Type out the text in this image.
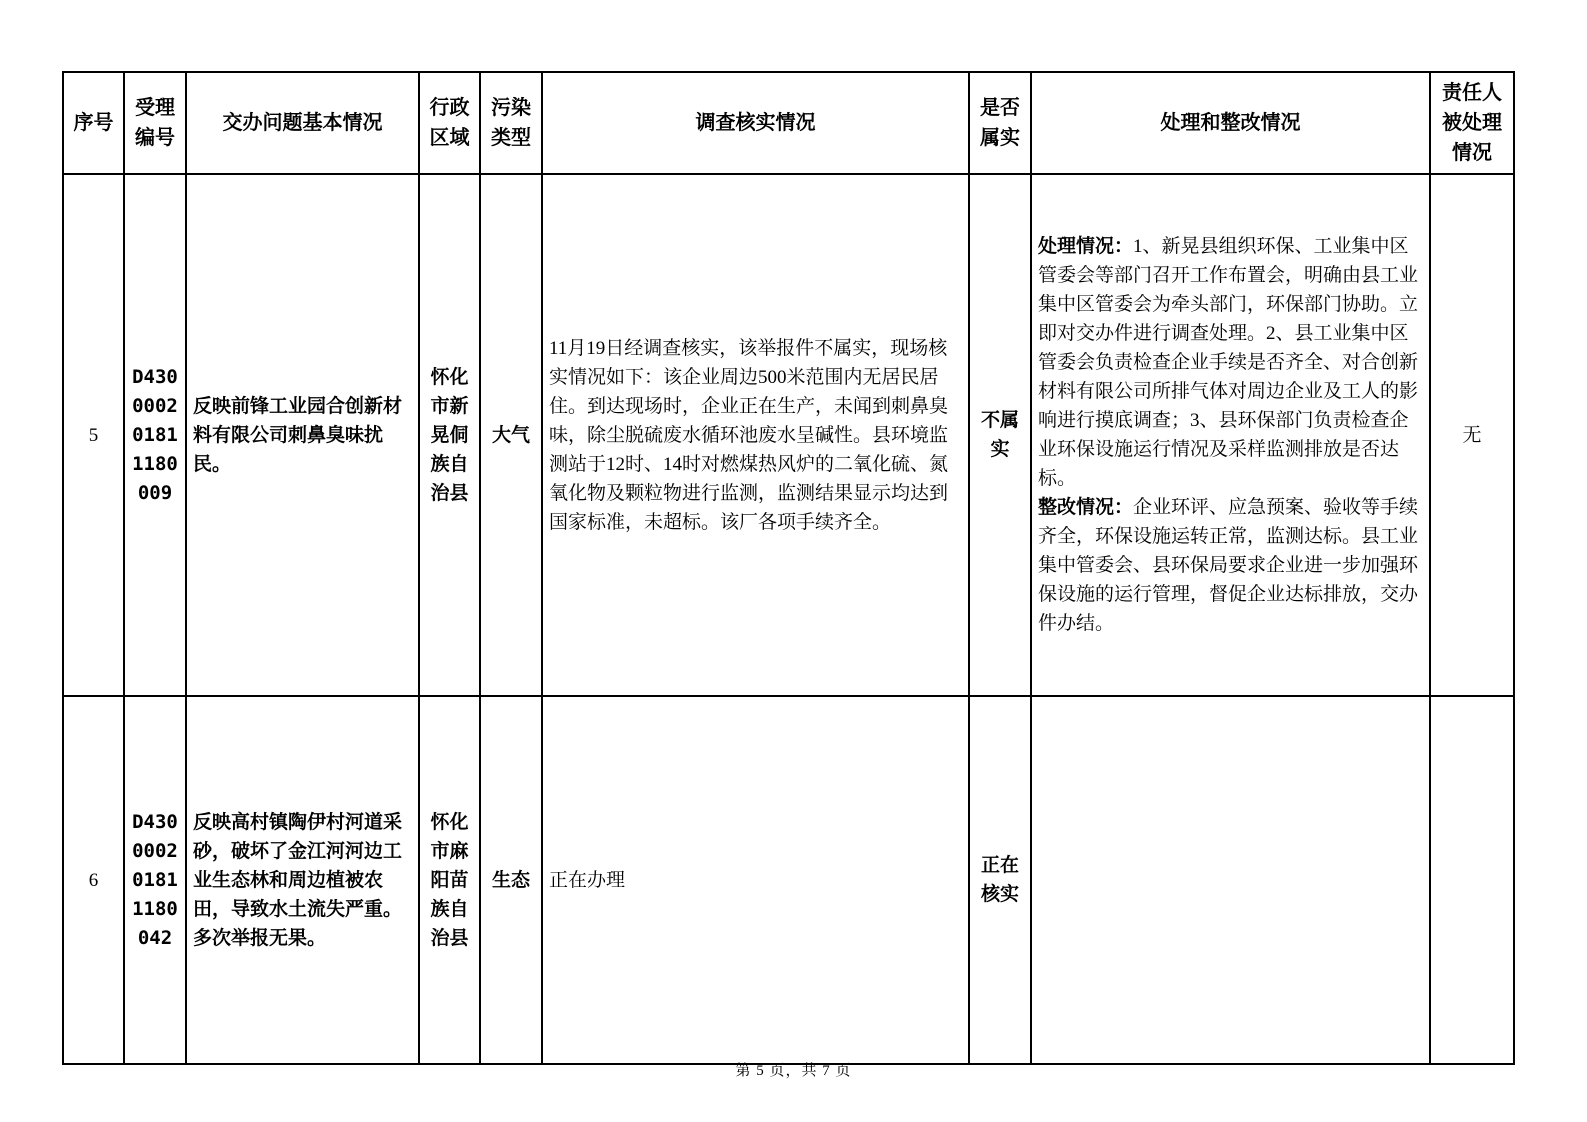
序号	受理编号	交办问题基本情况	行政区域	污染类型	调查核实情况	是否属实	处理和整改情况	责任人被处理情况
5	D430000201811180009	反映前锋工业园合创新材料有限公司刺鼻臭味扰民。	怀化市新晃侗族自治县	大气	11月19日经调查核实，该举报件不属实，现场核实情况如下：该企业周边500米范围内无居民居住。到达现场时，企业正在生产，未闻到刺鼻臭味，除尘脱硫废水循环池废水呈碱性。县环境监测站于12时、14时对燃煤热风炉的二氧化硫、氮氧化物及颗粒物进行监测，监测结果显示均达到国家标准，未超标。该厂各项手续齐全。	不属实	处理情况：1、新晃县组织环保、工业集中区管委会等部门召开工作布置会，明确由县工业集中区管委会为牵头部门，环保部门协助。立即对交办件进行调查处理。2、县工业集中区管委会负责检查企业手续是否齐全、对合创新材料有限公司所排气体对周边企业及工人的影响进行摸底调查；3、县环保部门负责检查企业环保设施运行情况及采样监测排放是否达标。
整改情况：企业环评、应急预案、验收等手续齐全，环保设施运转正常，监测达标。县工业集中管委会、县环保局要求企业进一步加强环保设施的运行管理，督促企业达标排放，交办件办结。	无
6	D430000201811180042	反映高村镇陶伊村河道采砂，破坏了金江河河边工业生态林和周边植被农田，导致水土流失严重。多次举报无果。	怀化市麻阳苗族自治县	生态	正在办理	正在核实	

第 5 页，共 7 页
